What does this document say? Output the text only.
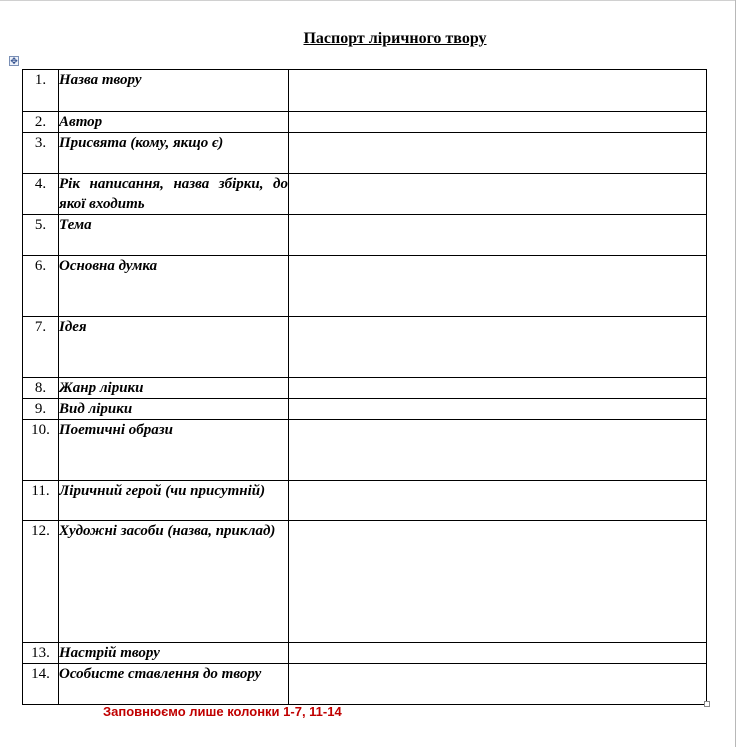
Паспорт ліричного твору
✥
1.	Назва твору	
2.	Автор	
3.	Присвята (кому, якщо є)	
4.	Рік написання, назва збірки, до якої входить	
5.	Тема	
6.	Основна думка	
7.	Ідея	
8.	Жанр лірики	
9.	Вид лірики	
10.	Поетичні образи	
11.	Ліричний герой (чи присутній)	
12.	Художні засоби (назва, приклад)	
13.	Настрій твору	
14.	Особисте ставлення до твору	
Заповнюємо лише колонки 1-7, 11-14
